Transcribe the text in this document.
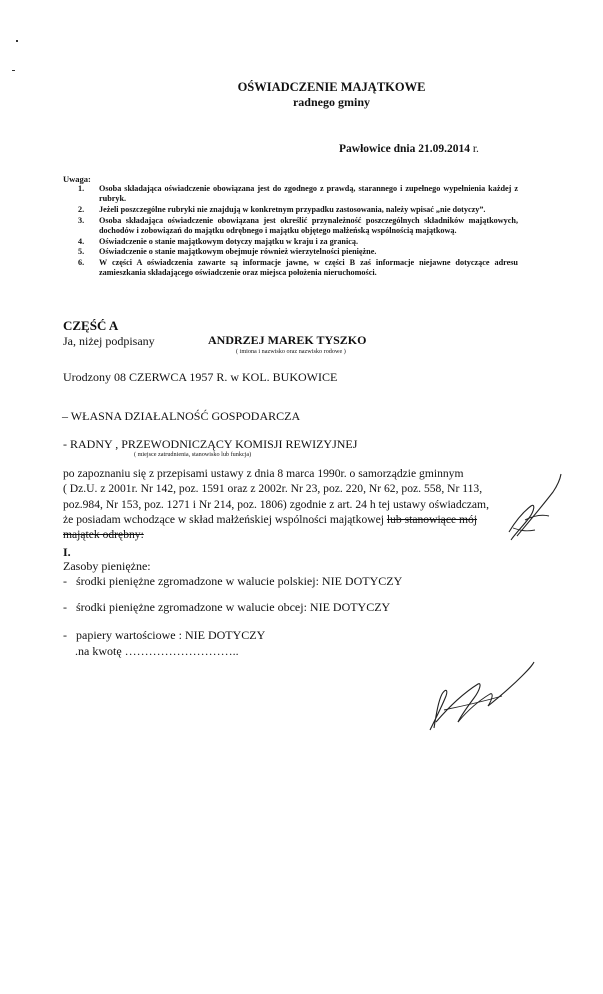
OŚWIADCZENIE MAJĄTKOWE
radnego gminy
Pawłowice dnia 21.09.2014 r.
Uwaga:
1. Osoba składająca oświadczenie obowiązana jest do zgodnego z prawdą, starannego i zupełnego wypełnienia każdej z rubryk.
2. Jeżeli poszczególne rubryki nie znajdują w konkretnym przypadku zastosowania, należy wpisać „nie dotyczy”.
3. Osoba składająca oświadczenie obowiązana jest określić przynależność poszczególnych składników majątkowych, dochodów i zobowiązań do majątku odrębnego i majątku objętego małżeńską wspólnością majątkową.
4. Oświadczenie o stanie majątkowym dotyczy majątku w kraju i za granicą.
5. Oświadczenie o stanie majątkowym obejmuje również wierzytelności pieniężne.
6. W części A oświadczenia zawarte są informacje jawne, w części B zaś informacje niejawne dotyczące adresu zamieszkania składającego oświadczenie oraz miejsca położenia nieruchomości.
CZĘŚĆ A
Ja, niżej podpisany	ANDRZEJ MAREK TYSZKO
( imiona i nazwisko oraz nazwisko rodowe )
Urodzony 08 CZERWCA 1957 R. w KOL. BUKOWICE
– WŁASNA DZIAŁALNOŚĆ GOSPODARCZA
- RADNY , PRZEWODNICZĄCY KOMISJI REWIZYJNEJ
( miejsce zatrudnienia, stanowisko lub funkcja)
po zapoznaniu się z przepisami ustawy z dnia 8 marca 1990r. o samorządzie gminnym
( Dz.U. z 2001r. Nr 142, poz. 1591 oraz z 2002r. Nr 23, poz. 220, Nr 62, poz. 558, Nr 113,
poz.984, Nr 153, poz. 1271 i Nr 214, poz. 1806) zgodnie z art. 24 h tej ustawy oświadczam,
że posiadam wchodzące w skład małżeńskiej wspólności majątkowej lub stanowiące mój
majątek odrębny:
I.
Zasoby pieniężne:
- środki pieniężne zgromadzone w walucie polskiej: NIE DOTYCZY
- środki pieniężne zgromadzone w walucie obcej: NIE DOTYCZY
- papiery wartościowe : NIE DOTYCZY
.na kwotę ………………………..
